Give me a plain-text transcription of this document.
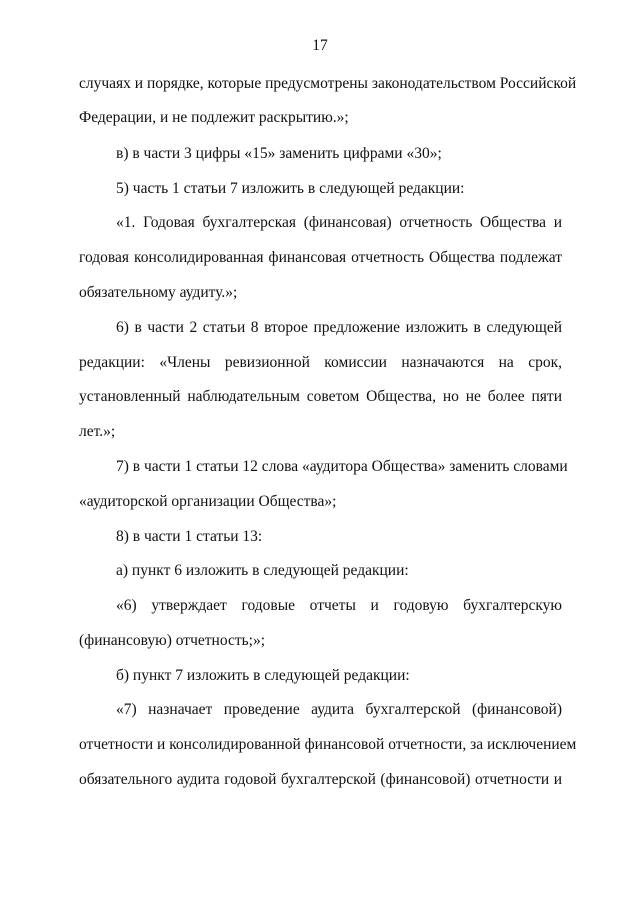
17
случаях и порядке, которые предусмотрены законодательством Российской
Федерации, и не подлежит раскрытию.»;
в) в части 3 цифры «15» заменить цифрами «30»;
5) часть 1 статьи 7 изложить в следующей редакции:
«1. Годовая бухгалтерская (финансовая) отчетность Общества и
годовая консолидированная финансовая отчетность Общества подлежат
обязательному аудиту.»;
6) в части 2 статьи 8 второе предложение изложить в следующей
редакции: «Члены ревизионной комиссии назначаются на срок,
установленный наблюдательным советом Общества, но не более пяти
лет.»;
7) в части 1 статьи 12 слова «аудитора Общества» заменить словами
«аудиторской организации Общества»;
8) в части 1 статьи 13:
а) пункт 6 изложить в следующей редакции:
«6) утверждает годовые отчеты и годовую бухгалтерскую
(финансовую) отчетность;»;
б) пункт 7 изложить в следующей редакции:
«7) назначает проведение аудита бухгалтерской (финансовой)
отчетности и консолидированной финансовой отчетности, за исключением
обязательного аудита годовой бухгалтерской (финансовой) отчетности и
